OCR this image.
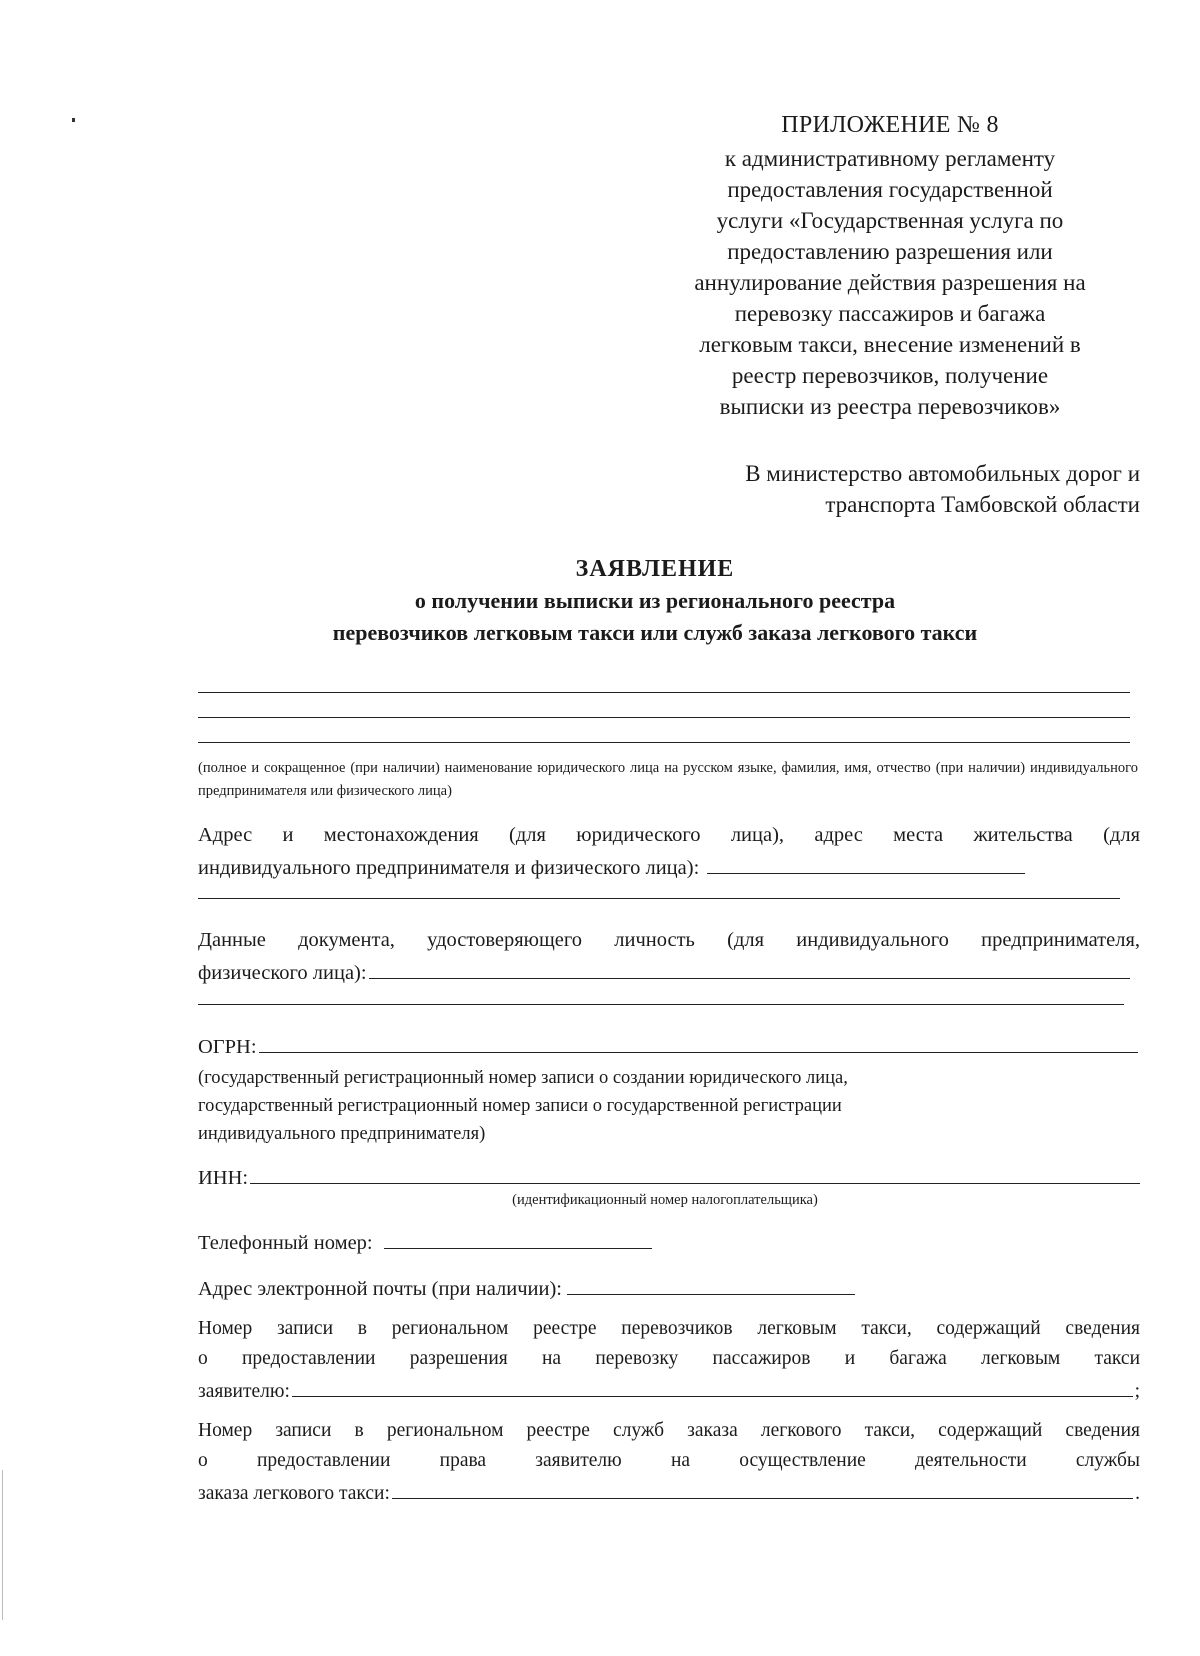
ПРИЛОЖЕНИЕ № 8
к административному регламенту
предоставления государственной
услуги «Государственная услуга по
предоставлению разрешения или
аннулирование действия разрешения на
перевозку пассажиров и багажа
легковым такси, внесение изменений в
реестр перевозчиков, получение
выписки из реестра перевозчиков»
В министерство автомобильных дорог и
транспорта Тамбовской области
ЗАЯВЛЕНИЕ
о получении выписки из регионального реестра
перевозчиков легковым такси или служб заказа легкового такси
(полное и сокращенное (при наличии) наименование юридического лица на русском языке, фамилия, имя, отчество (при наличии) индивидуального предпринимателя или физического лица)
Адрес и местонахождения (для юридического лица), адрес места жительства (для
индивидуального предпринимателя и физического лица):
Данные документа, удостоверяющего личность (для индивидуального предпринимателя,
физического лица):
ОГРН:
(государственный регистрационный номер записи о создании юридического лица,
государственный регистрационный номер записи о государственной регистрации
индивидуального предпринимателя)
ИНН:
(идентификационный номер налогоплательщика)
Телефонный номер:
Адрес электронной почты (при наличии):
Номер записи в региональном реестре перевозчиков легковым такси, содержащий сведения
о предоставлении разрешения на перевозку пассажиров и багажа легковым такси
заявителю:	;
Номер записи в региональном реестре служб заказа легкового такси, содержащий сведения
о предоставлении права заявителю на осуществление деятельности службы
заказа легкового такси:	.
